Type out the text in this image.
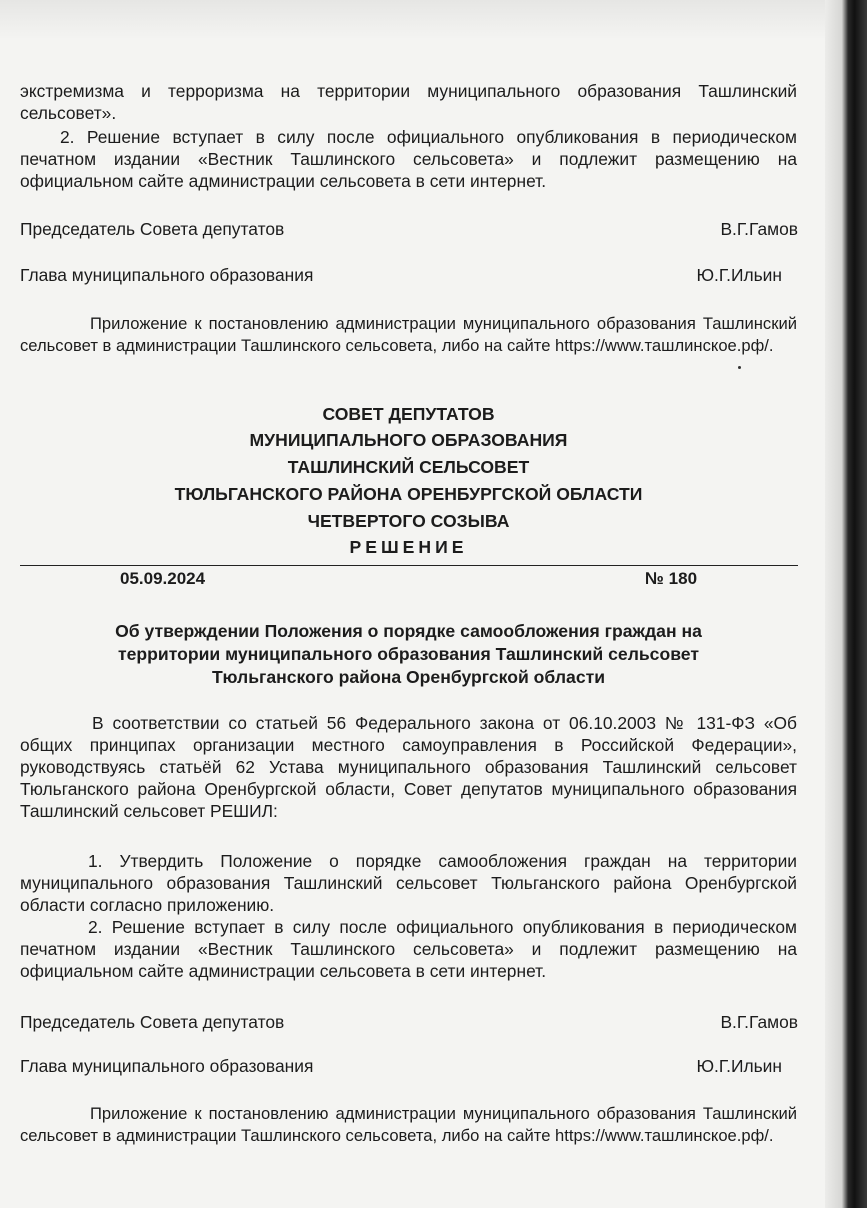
экстремизма и терроризма на территории муниципального образования Ташлинский сельсовет».
2. Решение вступает в силу после официального опубликования в периодическом печатном издании «Вестник Ташлинского сельсовета» и подлежит размещению на официальном сайте администрации сельсовета в сети интернет.
Председатель Совета депутатов	В.Г.Гамов
Глава муниципального образования	Ю.Г.Ильин
Приложение к постановлению администрации муниципального образования Ташлинский сельсовет в администрации Ташлинского сельсовета, либо на сайте https://www.ташлинское.рф/.
СОВЕТ ДЕПУТАТОВ
МУНИЦИПАЛЬНОГО ОБРАЗОВАНИЯ
ТАШЛИНСКИЙ СЕЛЬСОВЕТ
ТЮЛЬГАНСКОГО РАЙОНА ОРЕНБУРГСКОЙ ОБЛАСТИ
ЧЕТВЕРТОГО СОЗЫВА
РЕШЕНИЕ
05.09.2024	№ 180
Об утверждении Положения о порядке самообложения граждан на
территории муниципального образования Ташлинский сельсовет
Тюльганского района Оренбургской области
В соответствии со статьей 56 Федерального закона от 06.10.2003 № 131-ФЗ «Об общих принципах организации местного самоуправления в Российской Федерации», руководствуясь статьёй 62 Устава муниципального образования Ташлинский сельсовет Тюльганского района Оренбургской области, Совет депутатов муниципального образования Ташлинский сельсовет РЕШИЛ:
1. Утвердить Положение о порядке самообложения граждан на территории муниципального образования Ташлинский сельсовет Тюльганского района Оренбургской области согласно приложению.
2. Решение вступает в силу после официального опубликования в периодическом печатном издании «Вестник Ташлинского сельсовета» и подлежит размещению на официальном сайте администрации сельсовета в сети интернет.
Председатель Совета депутатов	В.Г.Гамов
Глава муниципального образования	Ю.Г.Ильин
Приложение к постановлению администрации муниципального образования Ташлинский сельсовет в администрации Ташлинского сельсовета, либо на сайте https://www.ташлинское.рф/.
